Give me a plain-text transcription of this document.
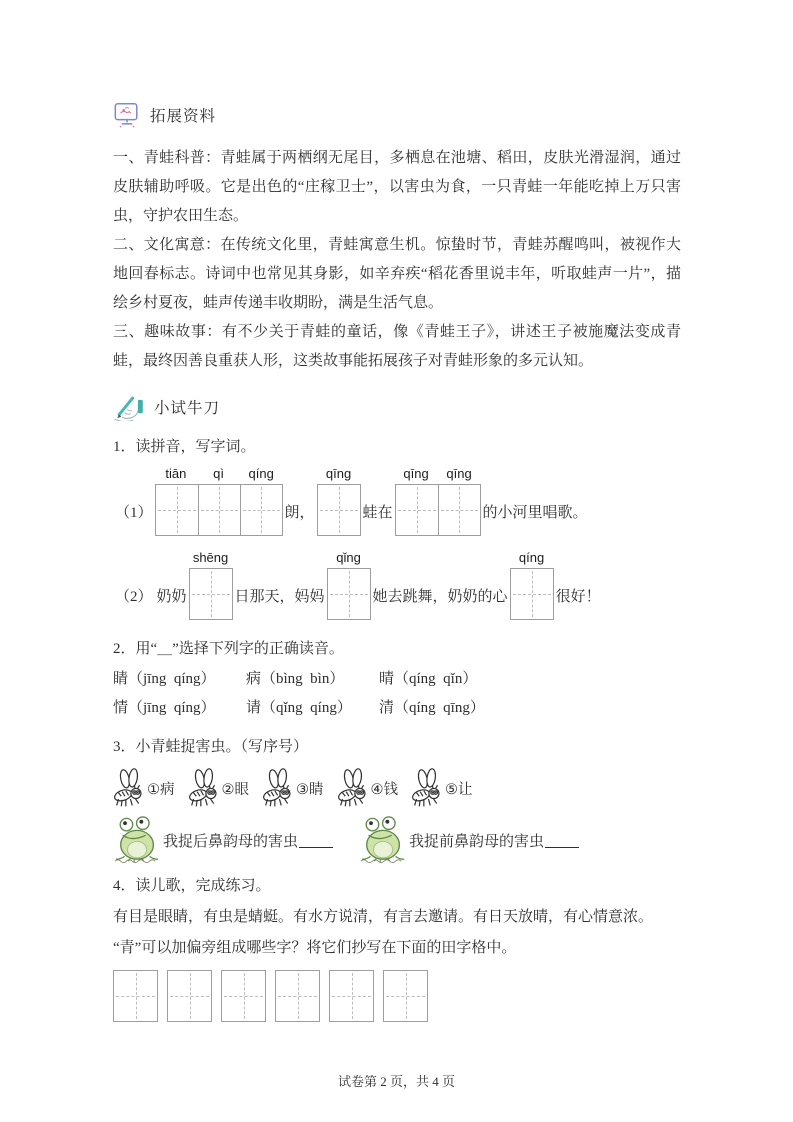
拓展资料

一、青蛙科普：青蛙属于两栖纲无尾目，多栖息在池塘、稻田，皮肤光滑湿润，通过皮肤辅助呼吸。它是出色的“庄稼卫士”，以害虫为食，一只青蛙一年能吃掉上万只害虫，守护农田生态。

二、文化寓意：在传统文化里，青蛙寓意生机。惊蛰时节，青蛙苏醒鸣叫，被视作大地回春标志。诗词中也常见其身影，如辛弃疾“稻花香里说丰年，听取蛙声一片”，描绘乡村夏夜，蛙声传递丰收期盼，满是生活气息。

三、趣味故事：有不少关于青蛙的童话，像《青蛙王子》，讲述王子被施魔法变成青蛙，最终因善良重获人形，这类故事能拓展孩子对青蛙形象的多元认知。

小试牛刀

1．读拼音，写字词。

（1）
tiān	qì	qíng
朗，
qīng
蛙在
qīng	qīng
的小河里唱歌。
（2） 奶奶
shēng
日那天，妈妈
qǐng
她去跳舞，奶奶的心
qíng
很好！

2．用“＿”选择下列字的正确读音。

睛（jīng  qíng）	病（bìng  bìn）	晴（qíng  qǐn）
情（jīng  qíng）	请（qǐng  qíng）	清（qíng  qīng）

3．小青蛙捉害虫。（写序号）

①病	②眼	③睛	④钱	⑤让
我捉后鼻韵母的害虫	我捉前鼻韵母的害虫

4．读儿歌，完成练习。

有目是眼睛，有虫是蜻蜓。有水方说清，有言去邀请。有日天放晴，有心情意浓。

“青”可以加偏旁组成哪些字？将它们抄写在下面的田字格中。

试卷第 2 页，共 4 页
